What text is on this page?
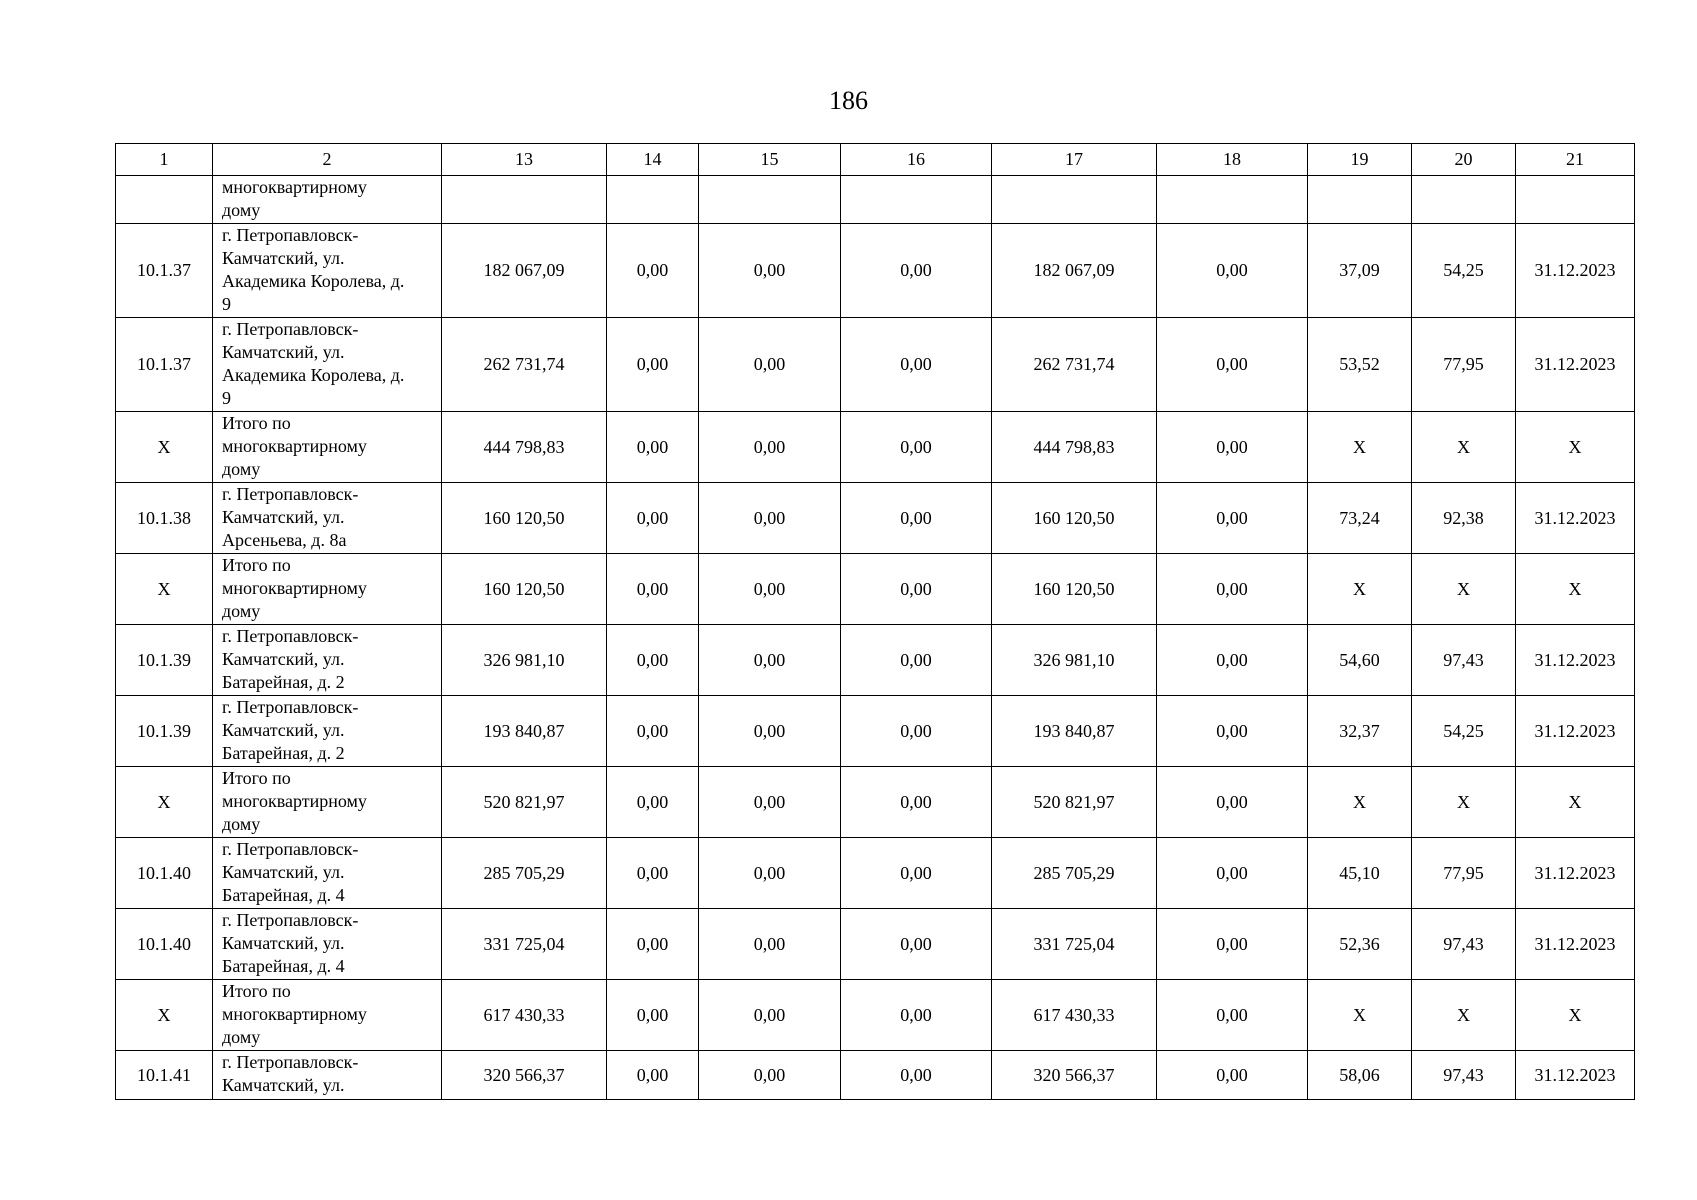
186
1	2	13	14	15	16	17	18	19	20	21
	многоквартирному
дому									
10.1.37	г. Петропавловск-
Камчатский, ул.
Академика Королева, д.
9	182 067,09	0,00	0,00	0,00	182 067,09	0,00	37,09	54,25	31.12.2023
10.1.37	г. Петропавловск-
Камчатский, ул.
Академика Королева, д.
9	262 731,74	0,00	0,00	0,00	262 731,74	0,00	53,52	77,95	31.12.2023
Х	Итого по
многоквартирному
дому	444 798,83	0,00	0,00	0,00	444 798,83	0,00	Х	Х	Х
10.1.38	г. Петропавловск-
Камчатский, ул.
Арсеньева, д. 8а	160 120,50	0,00	0,00	0,00	160 120,50	0,00	73,24	92,38	31.12.2023
Х	Итого по
многоквартирному
дому	160 120,50	0,00	0,00	0,00	160 120,50	0,00	Х	Х	Х
10.1.39	г. Петропавловск-
Камчатский, ул.
Батарейная, д. 2	326 981,10	0,00	0,00	0,00	326 981,10	0,00	54,60	97,43	31.12.2023
10.1.39	г. Петропавловск-
Камчатский, ул.
Батарейная, д. 2	193 840,87	0,00	0,00	0,00	193 840,87	0,00	32,37	54,25	31.12.2023
Х	Итого по
многоквартирному
дому	520 821,97	0,00	0,00	0,00	520 821,97	0,00	Х	Х	Х
10.1.40	г. Петропавловск-
Камчатский, ул.
Батарейная, д. 4	285 705,29	0,00	0,00	0,00	285 705,29	0,00	45,10	77,95	31.12.2023
10.1.40	г. Петропавловск-
Камчатский, ул.
Батарейная, д. 4	331 725,04	0,00	0,00	0,00	331 725,04	0,00	52,36	97,43	31.12.2023
Х	Итого по
многоквартирному
дому	617 430,33	0,00	0,00	0,00	617 430,33	0,00	Х	Х	Х
10.1.41	г. Петропавловск-
Камчатский, ул.	320 566,37	0,00	0,00	0,00	320 566,37	0,00	58,06	97,43	31.12.2023
